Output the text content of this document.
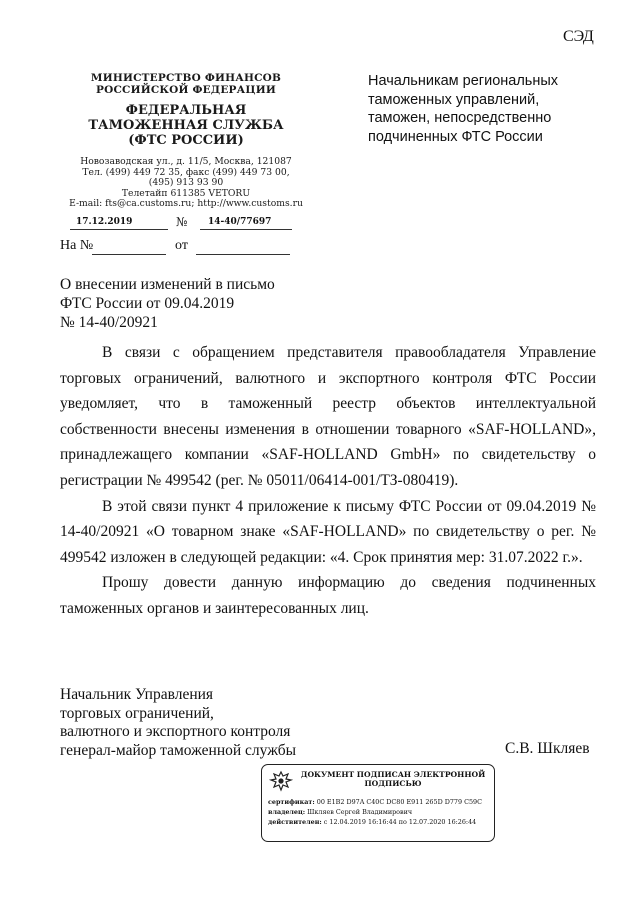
СЭД
МИНИСТЕРСТВО ФИНАНСОВ
РОССИЙСКОЙ ФЕДЕРАЦИИ
ФЕДЕРАЛЬНАЯ
ТАМОЖЕННАЯ СЛУЖБА
(ФТС РОССИИ)
Новозаводская ул., д. 11/5, Москва, 121087
Тел. (499) 449 72 35, факс (499) 449 73 00,
(495) 913 93 90
Телетайп 611385 VETORU
E-mail: fts@ca.customs.ru; http://www.customs.ru
17.12.2019	№ 14-40/77697
На №	от
Начальникам региональных
таможенных управлений,
таможен, непосредственно
подчиненных ФТС России
О внесении изменений в письмо
ФТС России от 09.04.2019
№ 14-40/20921

В связи с обращением представителя правообладателя Управление торговых ограничений, валютного и экспортного контроля ФТС России уведомляет, что в таможенный реестр объектов интеллектуальной собственности внесены изменения в отношении товарного «SAF-HOLLAND», принадлежащего компании «SAF-HOLLAND GmbH» по свидетельству о регистрации № 499542 (рег. № 05011/06414-001/ТЗ-080419).

В этой связи пункт 4 приложение к письму ФТС России от 09.04.2019 № 14-40/20921 «О товарном знаке «SAF-HOLLAND» по свидетельству о рег. № 499542 изложен в следующей редакции: «4. Срок принятия мер: 31.07.2022 г.».

Прошу довести данную информацию до сведения подчиненных таможенных органов и заинтересованных лиц.

Начальник Управления
торговых ограничений,
валютного и экспортного контроля
генерал-майор таможенной службы	С.В. Шкляев
ДОКУМЕНТ ПОДПИСАН ЭЛЕКТРОННОЙ
ПОДПИСЬЮ
сертификат: 00 E1B2 D97A C40C DC80 E911 265D D779 C59C
владелец: Шкляев Сергей Владимирович
действителен: с 12.04.2019 16:16:44 по 12.07.2020 16:26:44
